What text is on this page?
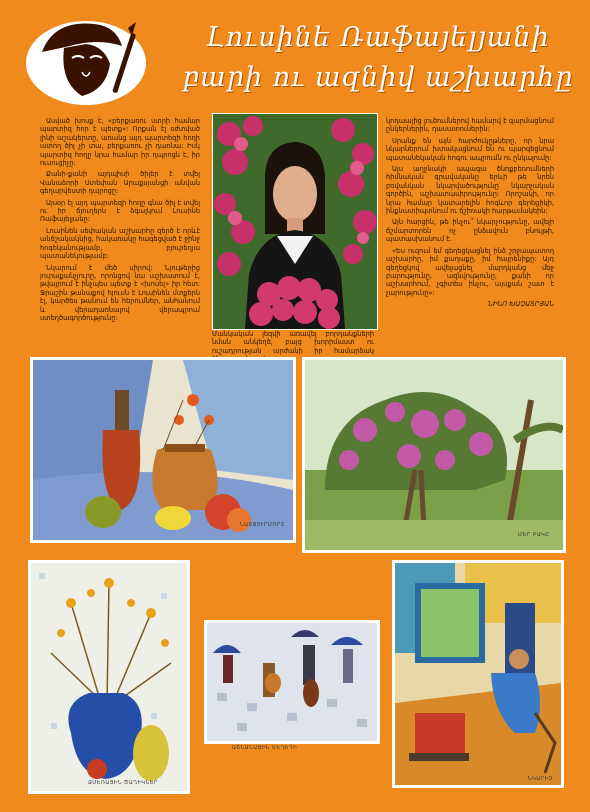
Լուսինե Ռաֆայելյանի
բարի ու ազնիվ աշխարհը

Ասված խոսք է, «բերքառու ստրի համար պարտիզ հոր է պետք»: Որքան էլ օժտված լինի աշակերտը, առանց այդ պարտեզի հողի ատող ծիլ չի տա, բերքառու չի դառնա: Իսկ պարտիզ հողը նրա համար իր դպրոցն է, իր ուսուցիչը:

Քանի-քանի այդպիսի ծիլեր է տվել Վանաձորի Ստեփան Արաքսյանցի անվան գեղարվեստի դպրոցը:

Այսօր էլ այդ պարտեզի հողը գնա ծիլ է տվել ու իր ճյուղերն է ձգալկում Լուսինե Ռաֆայելյանը:

Լուսինեն սեփական աշխարհը զերծ է որևէ անճշակակնից, հակառակը հագեցված է ջինջ հոգեկանությամբ, բյուրեղյա պատանեկությամբ:

Նկարում է մեծ սիրով: Նյութերից յուրաքանչյուրը, որոնցով նա աշխատում է, թվայրում է ինչպես պետք է «խոսել» իր հետ: Ջրաշին թանաքով հյուսն է Լուսինեն մտքերն էլ, կարծես թանում են հերումներ, անհանում և վերադառնալով վերապրում ստեղծագործությունը:

Մանկական լեզվի առավել բորդանքների նման անկեղծ, բայց խորիմաստ ու ուշադրության արժանի իր համարձակ

կոդաալից լուծումներով համարվ է գարմացնում ընկերներին, դասատուներին:

Սրանք են այն հարժուկըթները, որ նրա նկարներում խտակացնում են ու պարգեցնում պատանեկական հոգու ապրումն ու ընկալումը:

Այս աղջնակի ապագա ծնոքբեռումների հիմնական գրավականը երևի թե նրեն բռվանկան նկարվածությունը նկարչական գործին, աշխատասիրությունը: Որոշակի, որ նրա համար կատարելին հոգևոր գերեցիկի, ինքնատիպտնում ու ճշիռակի հարթամակեին:

Այն հարցին, թե ինչու՞ նկարչությունը, ավելի ճշմարտորեն ոչ ընձավուն բնույթի, պատասխանում է.

«Ես ուզում եմ գեղեցկացնել ինձ շրջապատող աշխարհը, իմ քաղաքը, իմ հայրենիքը: Այդ գեղեցկով ավելացնել մարդկանց մեջ բարությունը, ազնվությունը, քանի որ աշխարհում, չգիտես ինչու, այսքան շատ է չարությունը»:

ՆԻՆՈ ԽԱՉԱՏՐՅԱՆ
ՆԱՏՅՈՒՐՄՈՐՏ
ՄԵՐ ԲԱԿԸ
ՁՄԵՌԱՅԻՆ ԾԱՂԻԿՆԵՐ
ԱՇՆԱՆԱՅԻՆ ՄԵՂԵԴԻ
ՆԿԱՐԻՉ
